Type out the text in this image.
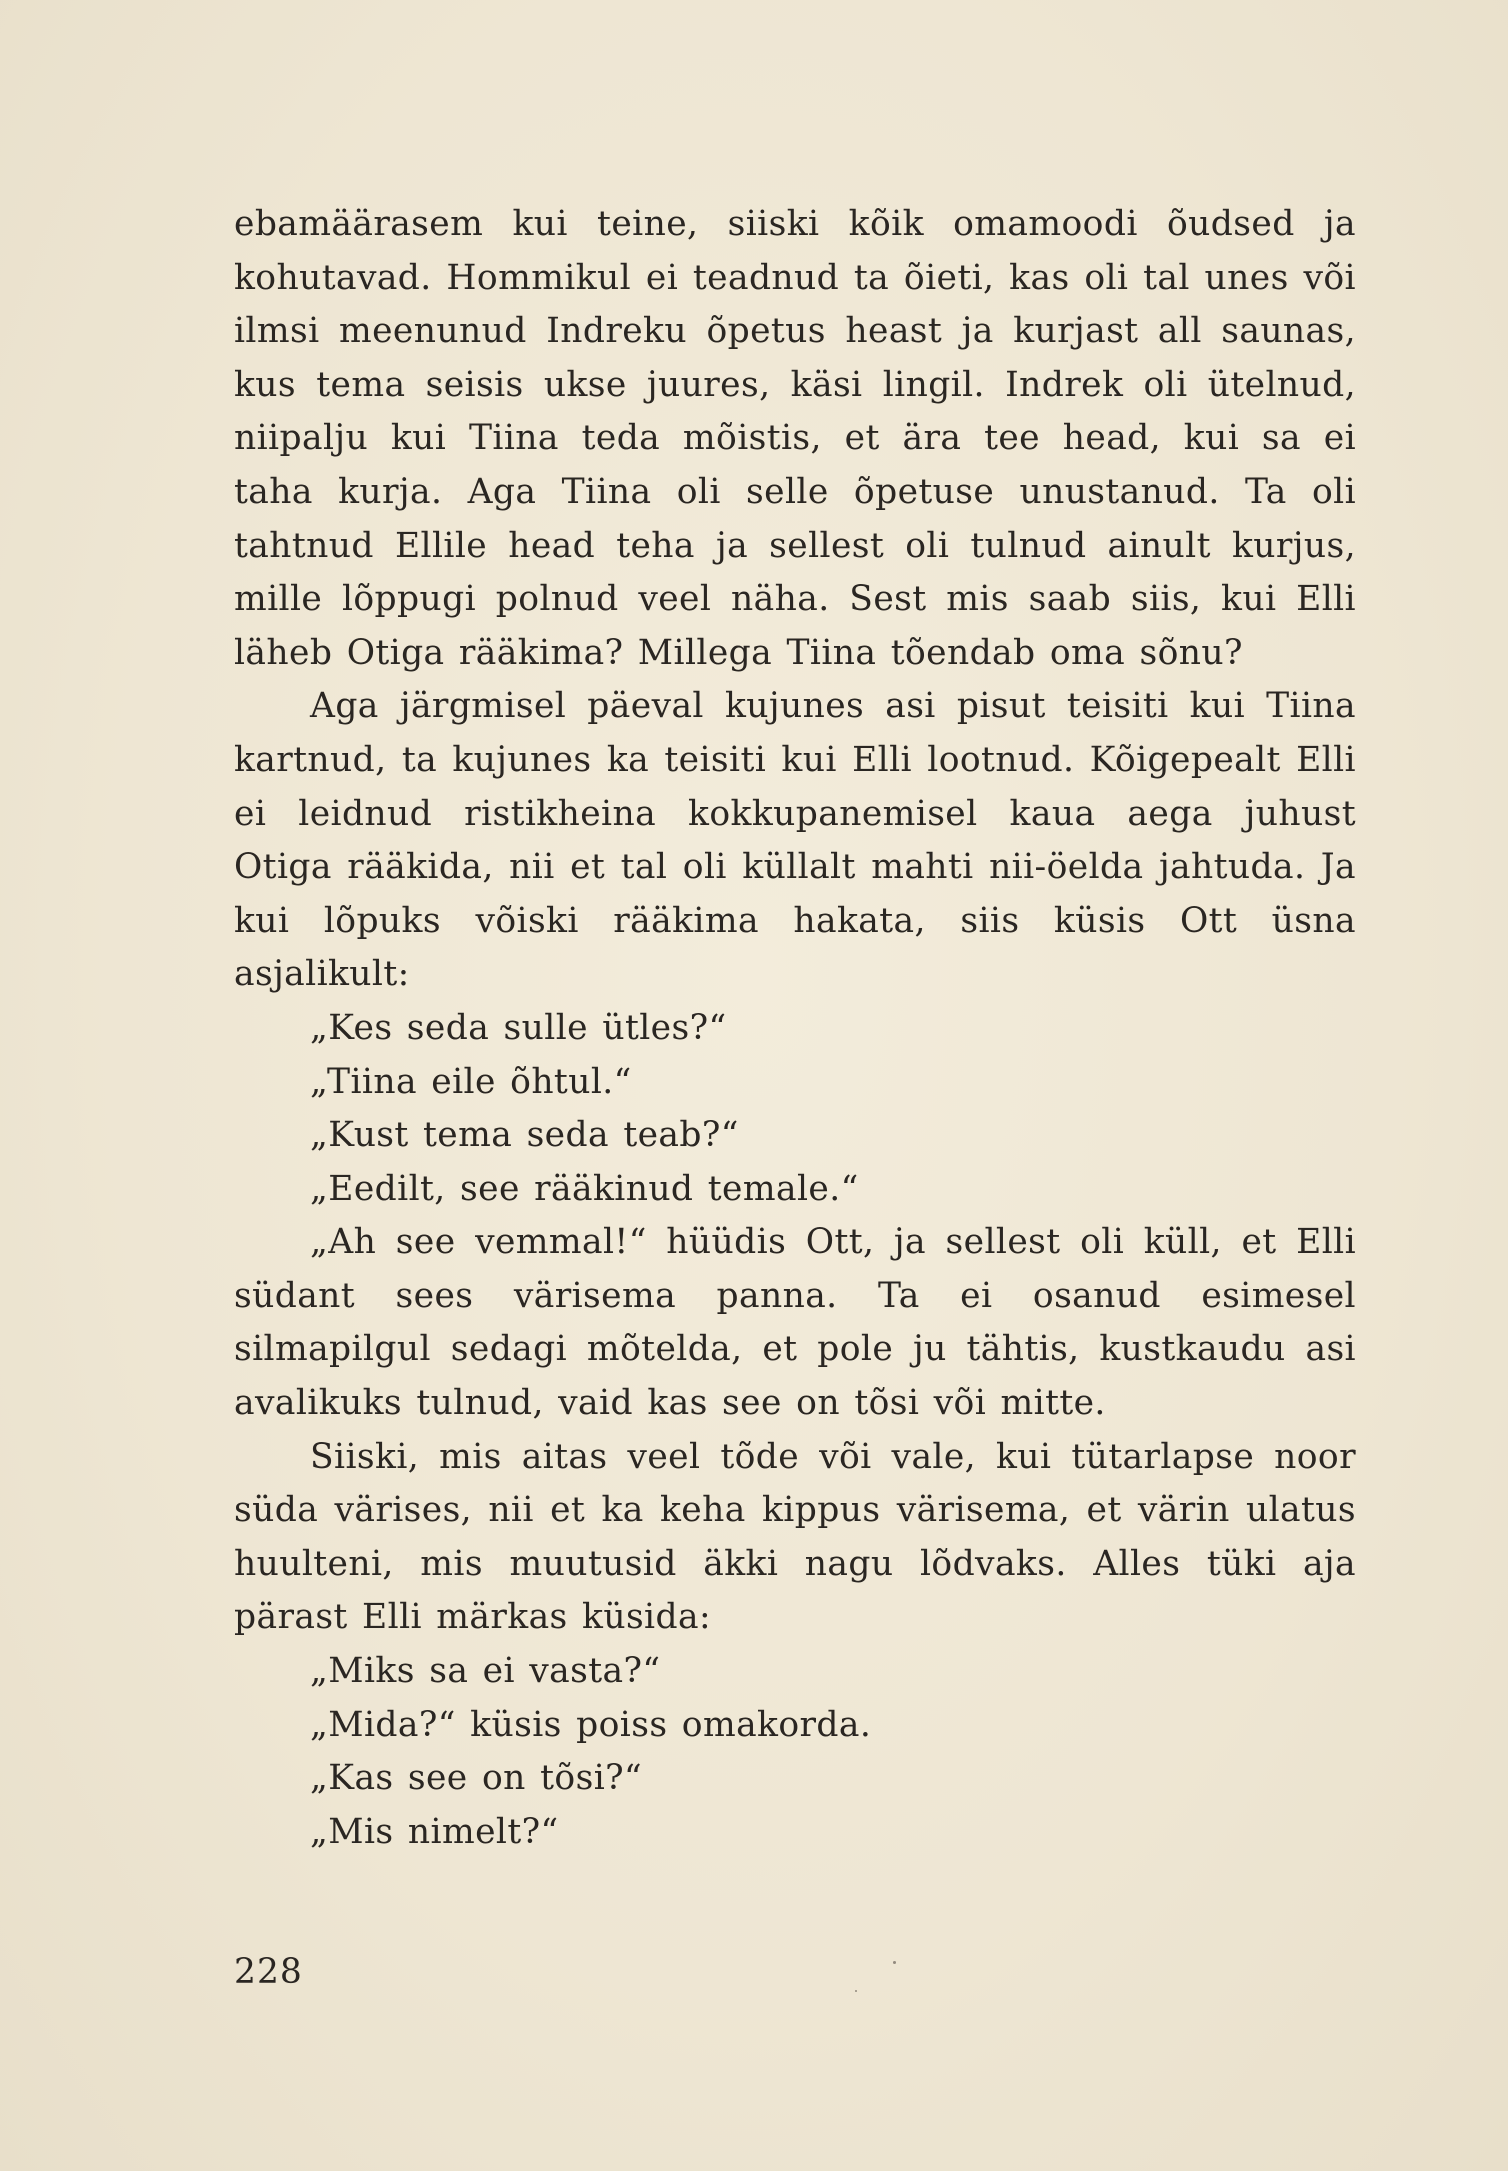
ebamäärasem kui teine, siiski kõik omamoodi õudsed ja kohutavad. Hommikul ei teadnud ta õieti, kas oli tal unes või ilmsi meenunud Indreku õpetus heast ja kurjast all saunas, kus tema seisis ukse juures, käsi lingil. Indrek oli ütelnud, niipalju kui Tiina teda mõistis, et ära tee head, kui sa ei taha kurja. Aga Tiina oli selle õpetuse unustanud. Ta oli tahtnud Ellile head teha ja sellest oli tulnud ainult kurjus, mille lõppugi polnud veel näha. Sest mis saab siis, kui Elli läheb Otiga rääkima? Millega Tiina tõendab oma sõnu?

Aga järgmisel päeval kujunes asi pisut teisiti kui Tiina kartnud, ta kujunes ka teisiti kui Elli lootnud. Kõigepealt Elli ei leidnud ristikheina kokkupanemisel kaua aega juhust Otiga rääkida, nii et tal oli küllalt mahti nii-öelda jahtuda. Ja kui lõpuks võiski rääkima hakata, siis küsis Ott üsna asjalikult:

„Kes seda sulle ütles?“

„Tiina eile õhtul.“

„Kust tema seda teab?“

„Eedilt, see rääkinud temale.“

„Ah see vemmal!“ hüüdis Ott, ja sellest oli küll, et Elli südant sees värisema panna. Ta ei osanud esimesel silmapilgul sedagi mõtelda, et pole ju tähtis, kustkaudu asi avalikuks tulnud, vaid kas see on tõsi või mitte.

Siiski, mis aitas veel tõde või vale, kui tütarlapse noor süda värises, nii et ka keha kippus värisema, et värin ulatus huulteni, mis muutusid äkki nagu lõdvaks. Alles tüki aja pärast Elli märkas küsida:

„Miks sa ei vasta?“

„Mida?“ küsis poiss omakorda.

„Kas see on tõsi?“

„Mis nimelt?“

228
